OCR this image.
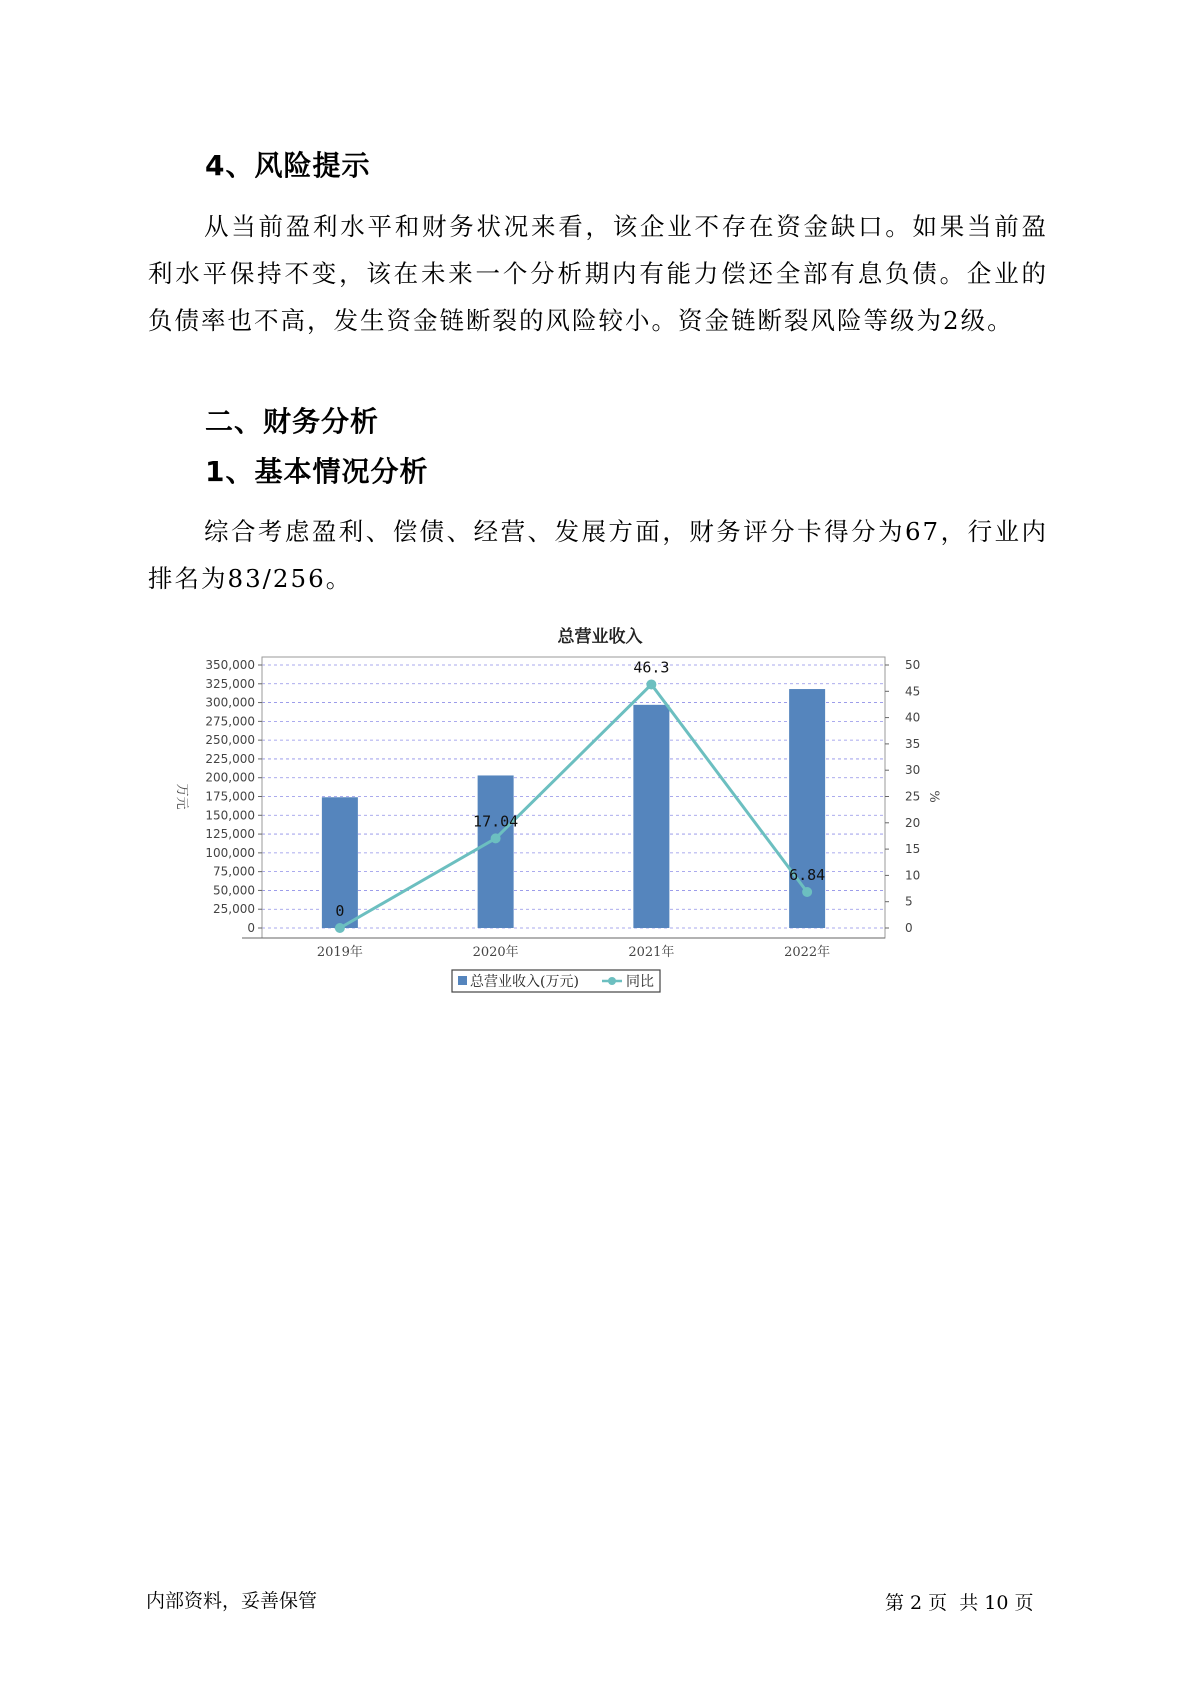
4、风险提示

从当前盈利水平和财务状况来看，该企业不存在资金缺口。如果当前盈利水平保持不变，该在未来一个分析期内有能力偿还全部有息负债。企业的负债率也不高，发生资金链断裂的风险较小。资金链断裂风险等级为2级。

二、财务分析
1、基本情况分析

综合考虑盈利、偿债、经营、发展方面，财务评分卡得分为67，行业内排名为83/256。

总营业收入
0
17.04
46.3
6.84
0
25,000
50,000
75,000
100,000
125,000
150,000
175,000
200,000
225,000
250,000
275,000
300,000
325,000
350,000
0
5
10
15
20
25
30
35
40
45
50
万元	%
2019年	2020年	2021年	2022年
总营业收入(万元)	同比
内部资料，妥善保管	第 2 页  共 10 页
